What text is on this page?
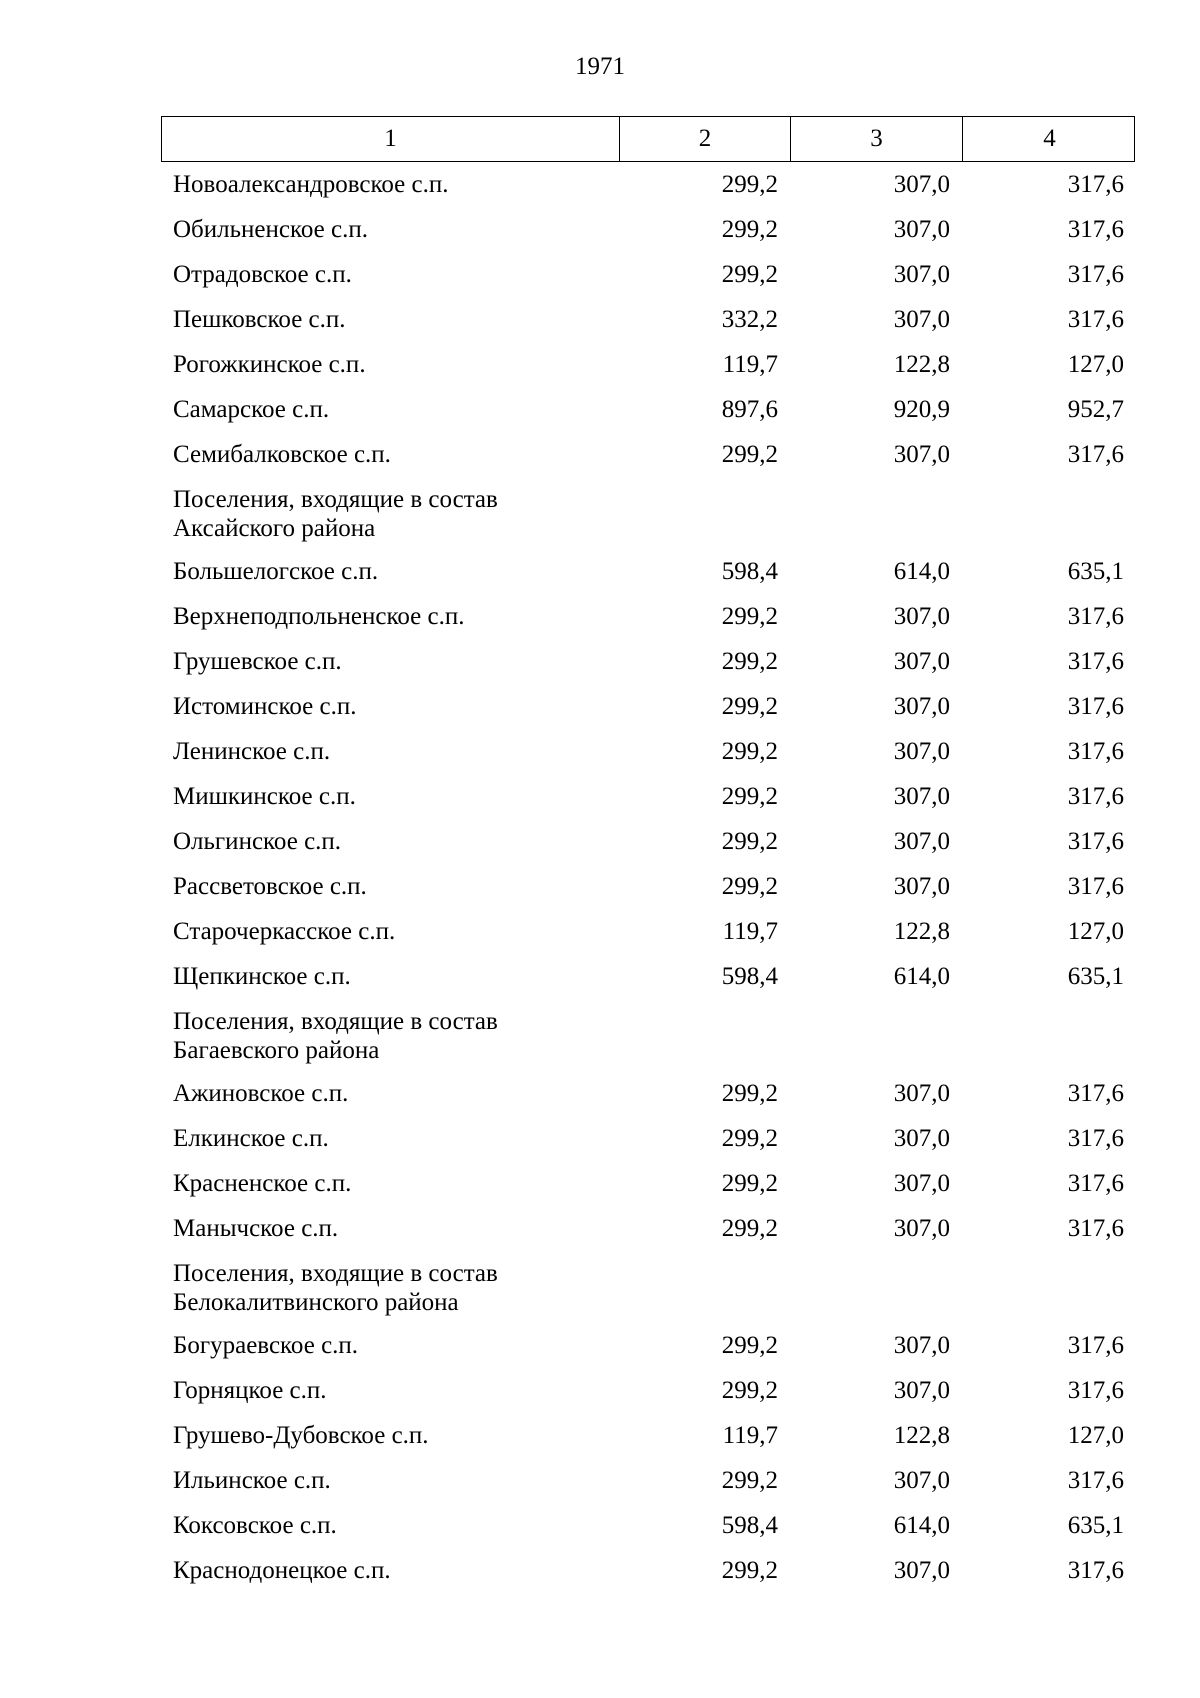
1971
1	2	3	4
Новоалександровское с.п.	299,2	307,0	317,6
Обильненское с.п.	299,2	307,0	317,6
Отрадовское с.п.	299,2	307,0	317,6
Пешковское с.п.	332,2	307,0	317,6
Рогожкинское с.п.	119,7	122,8	127,0
Самарское с.п.	897,6	920,9	952,7
Семибалковское с.п.	299,2	307,0	317,6
Поселения, входящие в состав
Аксайского района
Большелогское с.п.	598,4	614,0	635,1
Верхнеподпольненское с.п.	299,2	307,0	317,6
Грушевское с.п.	299,2	307,0	317,6
Истоминское с.п.	299,2	307,0	317,6
Ленинское с.п.	299,2	307,0	317,6
Мишкинское с.п.	299,2	307,0	317,6
Ольгинское с.п.	299,2	307,0	317,6
Рассветовское с.п.	299,2	307,0	317,6
Старочеркасское с.п.	119,7	122,8	127,0
Щепкинское с.п.	598,4	614,0	635,1
Поселения, входящие в состав
Багаевского района
Ажиновское с.п.	299,2	307,0	317,6
Елкинское с.п.	299,2	307,0	317,6
Красненское с.п.	299,2	307,0	317,6
Манычское с.п.	299,2	307,0	317,6
Поселения, входящие в состав
Белокалитвинского района
Богураевское с.п.	299,2	307,0	317,6
Горняцкое с.п.	299,2	307,0	317,6
Грушево-Дубовское с.п.	119,7	122,8	127,0
Ильинское с.п.	299,2	307,0	317,6
Коксовское с.п.	598,4	614,0	635,1
Краснодонецкое с.п.	299,2	307,0	317,6
